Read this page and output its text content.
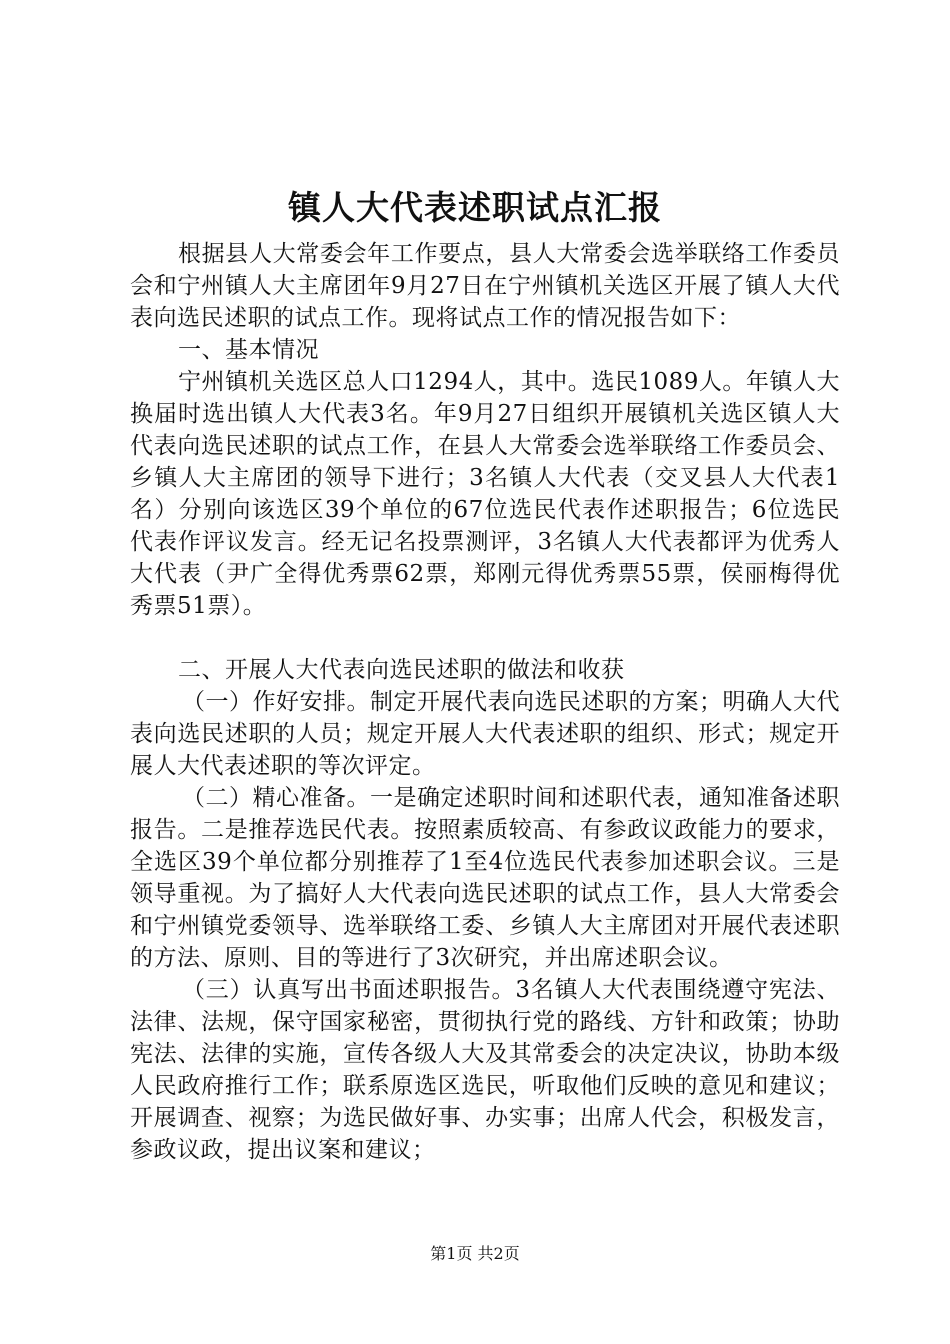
镇人大代表述职试点汇报

根据县人大常委会年工作要点，县人大常委会选举联络工作委员会和宁州镇人大主席团年9月27日在宁州镇机关选区开展了镇人大代表向选民述职的试点工作。现将试点工作的情况报告如下：

一、基本情况

宁州镇机关选区总人口1294人，其中。选民1089人。年镇人大换届时选出镇人大代表3名。年9月27日组织开展镇机关选区镇人大代表向选民述职的试点工作，在县人大常委会选举联络工作委员会、乡镇人大主席团的领导下进行；3名镇人大代表（交叉县人大代表1名）分别向该选区39个单位的67位选民代表作述职报告；6位选民代表作评议发言。经无记名投票测评，3名镇人大代表都评为优秀人大代表（尹广全得优秀票62票，郑刚元得优秀票55票，侯丽梅得优秀票51票）。

二、开展人大代表向选民述职的做法和收获

（一）作好安排。制定开展代表向选民述职的方案；明确人大代表向选民述职的人员；规定开展人大代表述职的组织、形式；规定开展人大代表述职的等次评定。

（二）精心准备。一是确定述职时间和述职代表，通知准备述职报告。二是推荐选民代表。按照素质较高、有参政议政能力的要求，全选区39个单位都分别推荐了1至4位选民代表参加述职会议。三是领导重视。为了搞好人大代表向选民述职的试点工作，县人大常委会和宁州镇党委领导、选举联络工委、乡镇人大主席团对开展代表述职的方法、原则、目的等进行了3次研究，并出席述职会议。

（三）认真写出书面述职报告。3名镇人大代表围绕遵守宪法、法律、法规，保守国家秘密，贯彻执行党的路线、方针和政策；协助宪法、法律的实施，宣传各级人大及其常委会的决定决议，协助本级人民政府推行工作；联系原选区选民，听取他们反映的意见和建议；开展调查、视察；为选民做好事、办实事；出席人代会，积极发言，参政议政，提出议案和建议；

第1页 共2页
